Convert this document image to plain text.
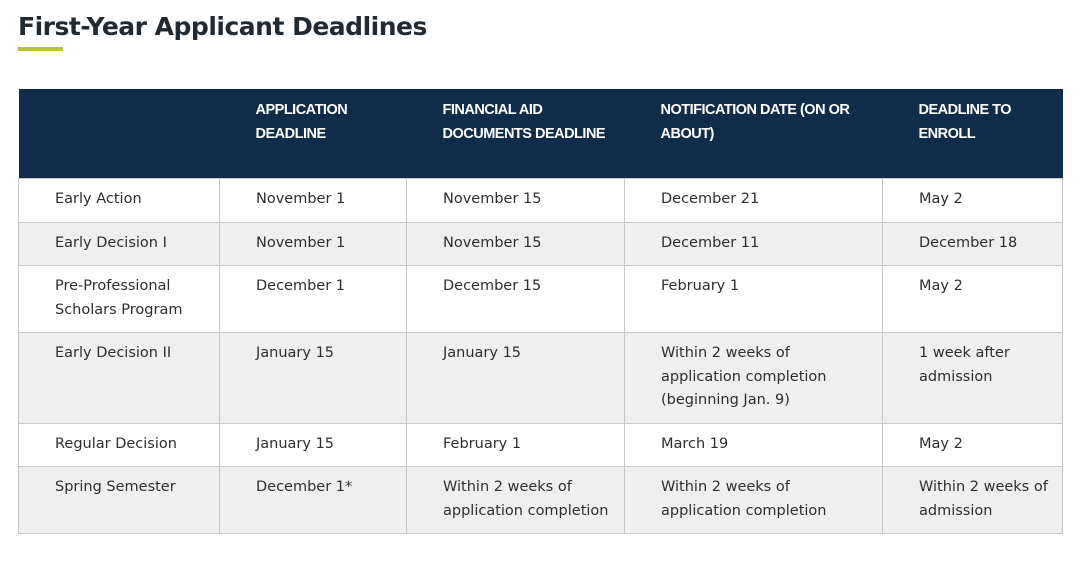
First-Year Applicant Deadlines
	APPLICATION DEADLINE	FINANCIAL AID DOCUMENTS DEADLINE	NOTIFICATION DATE (ON OR ABOUT)	DEADLINE TO ENROLL
Early Action	November 1	November 15	December 21	May 2
Early Decision I	November 1	November 15	December 11	December 18
Pre-Professional Scholars Program	December 1	December 15	February 1	May 2
Early Decision II	January 15	January 15	Within 2 weeks of application completion (beginning Jan. 9)	1 week after admission
Regular Decision	January 15	February 1	March 19	May 2
Spring Semester	December 1*	Within 2 weeks of application completion	Within 2 weeks of application completion	Within 2 weeks of admission
